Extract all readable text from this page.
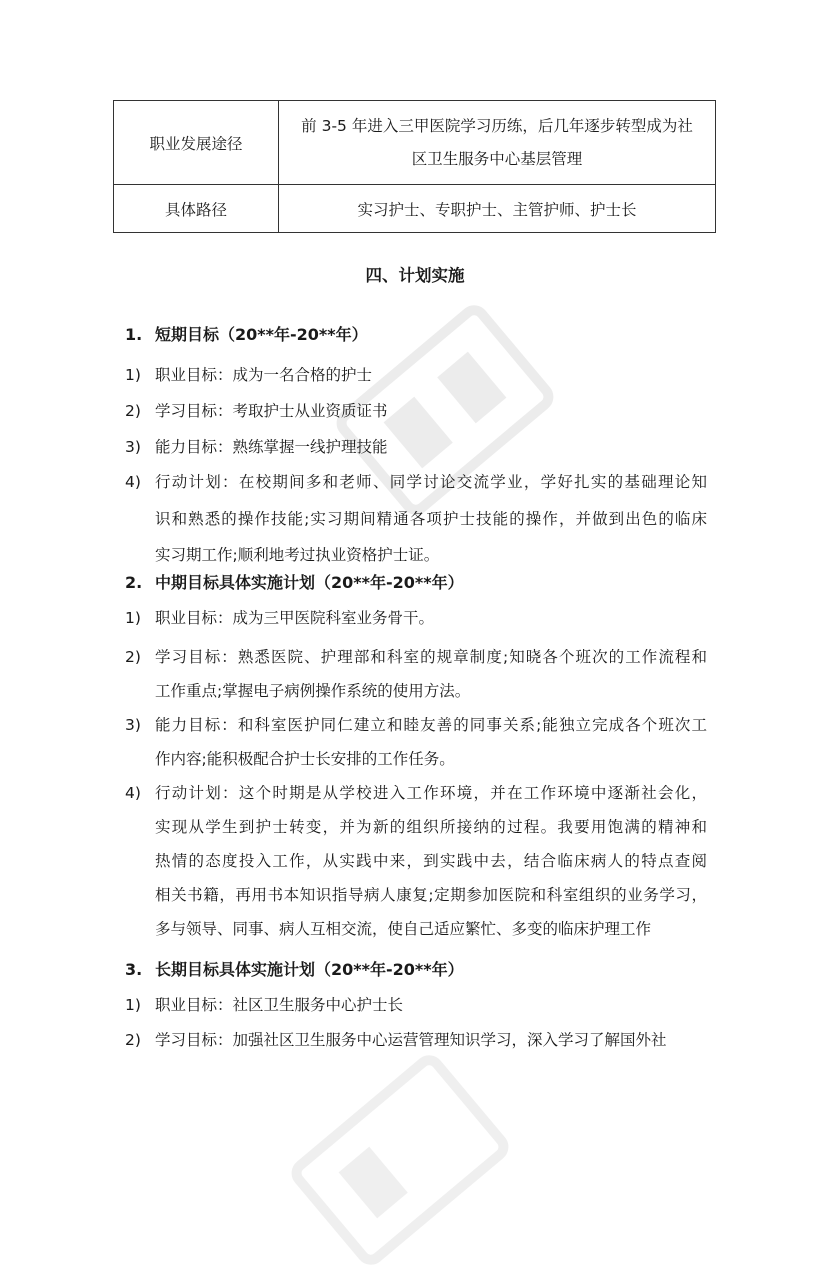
职业发展途径	前 3-5 年进入三甲医院学习历练，后几年逐步转型成为社
区卫生服务中心基层管理
具体路径	实习护士、专职护士、主管护师、护士长
四、计划实施
1. 短期目标（20**年-20**年）
1) 职业目标：成为一名合格的护士
2) 学习目标：考取护士从业资质证书
3) 能力目标：熟练掌握一线护理技能
4) 行动计划：在校期间多和老师、同学讨论交流学业，学好扎实的基础理论知
识和熟悉的操作技能;实习期间精通各项护士技能的操作，并做到出色的临床
实习期工作;顺利地考过执业资格护士证。
2. 中期目标具体实施计划（20**年-20**年）
1) 职业目标：成为三甲医院科室业务骨干。
2) 学习目标：熟悉医院、护理部和科室的规章制度;知晓各个班次的工作流程和
工作重点;掌握电子病例操作系统的使用方法。
3) 能力目标：和科室医护同仁建立和睦友善的同事关系;能独立完成各个班次工
作内容;能积极配合护士长安排的工作任务。
4) 行动计划：这个时期是从学校进入工作环境，并在工作环境中逐渐社会化，
实现从学生到护士转变，并为新的组织所接纳的过程。我要用饱满的精神和
热情的态度投入工作，从实践中来，到实践中去，结合临床病人的特点查阅
相关书籍，再用书本知识指导病人康复;定期参加医院和科室组织的业务学习，
多与领导、同事、病人互相交流，使自己适应繁忙、多变的临床护理工作
3. 长期目标具体实施计划（20**年-20**年）
1) 职业目标：社区卫生服务中心护士长
2) 学习目标：加强社区卫生服务中心运营管理知识学习，深入学习了解国外社
